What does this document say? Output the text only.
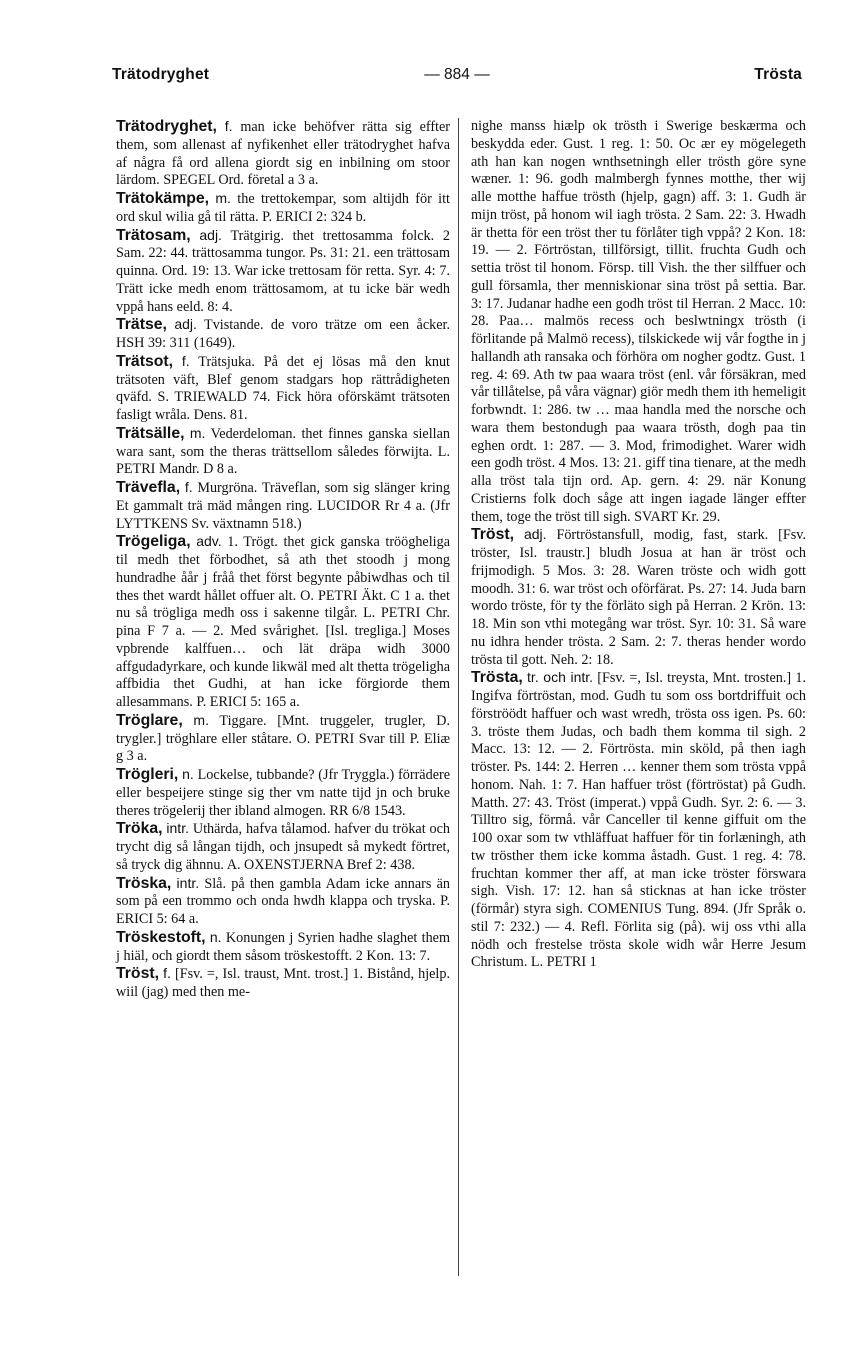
Trätodryghet	— 884 —	Trösta

Trätodryghet, f. man icke behöfver rätta sig effter them, som allenast af nyfikenhet eller trätodryghet hafva af några få ord allena giordt sig en inbilning om stoor lärdom. SPEGEL Ord. företal a 3 a.

Trätokämpe, m. the trettokempar, som altijdh för itt ord skul wilia gå til rätta. P. ERICI 2: 324 b.

Trätosam, adj. Trätgirig. thet trettosamma folck. 2 Sam. 22: 44. trättosamma tungor. Ps. 31: 21. een trättosam quinna. Ord. 19: 13. War icke trettosam för retta. Syr. 4: 7. Trätt icke medh enom trättosamom, at tu icke bär wedh vppå hans eeld. 8: 4.

Trätse, adj. Tvistande. de voro trätze om een åcker. HSH 39: 311 (1649).

Trätsot, f. Trätsjuka. På det ej lösas må den knut trätsoten väft, Blef genom stadgars hop rättrådigheten qväfd. S. TRIEWALD 74. Fick höra oförskämt trätsoten fasligt wråla. Dens. 81.

Trätsälle, m. Vederdeloman. thet finnes ganska siellan wara sant, som the theras trättsellom således förwijta. L. PETRI Mandr. D 8 a.

Trävefla, f. Murgröna. Träveflan, som sig slänger kring Et gammalt trä mäd mången ring. LUCIDOR Rr 4 a. (Jfr LYTTKENS Sv. växtnamn 518.)

Trögeliga, adv. 1. Trögt. thet gick ganska tröögheliga til medh thet förbodhet, så ath thet stoodh j mong hundradhe åår j fråå thet först begynte påbiwdhas och til thes thet wardt hållet offuer alt. O. PETRI Äkt. C 1 a. thet nu så trögliga medh oss i sakenne tilgår. L. PETRI Chr. pina F 7 a. — 2. Med svårighet. [Isl. tregliga.] Moses vpbrende kalffuen… och lät dräpa widh 3000 affgudadyrkare, och kunde likwäl med alt thetta trögeligha affbidia thet Gudhi, at han icke förgiorde them allesammans. P. ERICI 5: 165 a.

Tröglare, m. Tiggare. [Mnt. truggeler, trugler, D. trygler.] tröghlare eller ståtare. O. PETRI Svar till P. Eliæ g 3 a.

Trögleri, n. Lockelse, tubbande? (Jfr Tryggla.) förrädere eller bespeijere stinge sig ther vm natte tijd jn och bruke theres trögelerij ther ibland almogen. RR 6/8 1543.

Tröka, intr. Uthärda, hafva tålamod. hafver du trökat och trycht dig så långan tijdh, och jnsupedt så mykedt förtret, så tryck dig ähnnu. A. OXENSTJERNA Bref 2: 438.

Tröska, intr. Slå. på then gambla Adam icke annars än som på een trommo och onda hwdh klappa och tryska. P. ERICI 5: 64 a.

Tröskestoft, n. Konungen j Syrien hadhe slaghet them j hiäl, och giordt them såsom tröskestofft. 2 Kon. 13: 7.

Tröst, f. [Fsv. =, Isl. traust, Mnt. trost.] 1. Bistånd, hjelp. wiil (jag) med then me-

nighe manss hiælp ok trösth i Swerige beskærma och beskydda eder. Gust. 1 reg. 1: 50. Oc ær ey mögelegeth ath han kan nogen wnthsetningh eller trösth göre syne wæner. 1: 96. godh malmbergh fynnes motthe, ther wij alle motthe haffue trösth (hjelp, gagn) aff. 3: 1. Gudh är mijn tröst, på honom wil iagh trösta. 2 Sam. 22: 3. Hwadh är thetta för een tröst ther tu förlåter tigh vppå? 2 Kon. 18: 19. — 2. Förtröstan, tillförsigt, tillit. fruchta Gudh och settia tröst til honom. Försp. till Vish. the ther silffuer och gull församla, ther menniskionar sina tröst på settia. Bar. 3: 17. Judanar hadhe een godh tröst til Herran. 2 Macc. 10: 28. Paa… malmös recess och beslwtningx trösth (i förlitande på Malmö recess), tilskickede wij vår fogthe in j hallandh ath ransaka och förhöra om nogher godtz. Gust. 1 reg. 4: 69. Ath tw paa waara tröst (enl. vår försäkran, med vår tillåtelse, på våra vägnar) giör medh them ith hemeligit forbwndt. 1: 286. tw … maa handla med the norsche och wara them bestondugh paa waara trösth, dogh paa tin eghen ordt. 1: 287. — 3. Mod, frimodighet. Warer widh een godh tröst. 4 Mos. 13: 21. giff tina tienare, at the medh alla tröst tala tijn ord. Ap. gern. 4: 29. när Konung Cristierns folk doch såge att ingen iagade länger effter them, toge the tröst till sigh. SVART Kr. 29.

Tröst, adj. Förtröstansfull, modig, fast, stark. [Fsv. tröster, Isl. traustr.] bludh Josua at han är tröst och frijmodigh. 5 Mos. 3: 28. Waren tröste och widh gott moodh. 31: 6. war tröst och oförfärat. Ps. 27: 14. Juda barn wordo tröste, för ty the förläto sigh på Herran. 2 Krön. 13: 18. Min son vthi motegång war tröst. Syr. 10: 31. Så ware nu idhra hender trösta. 2 Sam. 2: 7. theras hender wordo trösta til gott. Neh. 2: 18.

Trösta, tr. och intr. [Fsv. =, Isl. treysta, Mnt. trosten.] 1. Ingifva förtröstan, mod. Gudh tu som oss bortdriffuit och förströödt haffuer och wast wredh, trösta oss igen. Ps. 60: 3. tröste them Judas, och badh them komma til sigh. 2 Macc. 13: 12. — 2. Förtrösta. min sköld, på then iagh tröster. Ps. 144: 2. Herren … kenner them som trösta vppå honom. Nah. 1: 7. Han haffuer tröst (förtröstat) på Gudh. Matth. 27: 43. Tröst (imperat.) vppå Gudh. Syr. 2: 6. — 3. Tilltro sig, förmå. vår Canceller til kenne giffuit om the 100 oxar som tw vthläffuat haffuer för tin forlæningh, ath tw trösther them icke komma åstadh. Gust. 1 reg. 4: 78. fruchtan kommer ther aff, at man icke tröster förswara sigh. Vish. 17: 12. han så sticknas at han icke tröster (förmår) styra sigh. COMENIUS Tung. 894. (Jfr Språk o. stil 7: 232.) — 4. Refl. Förlita sig (på). wij oss vthi alla nödh och frestelse trösta skole widh wår Herre Jesum Christum. L. PETRI 1
